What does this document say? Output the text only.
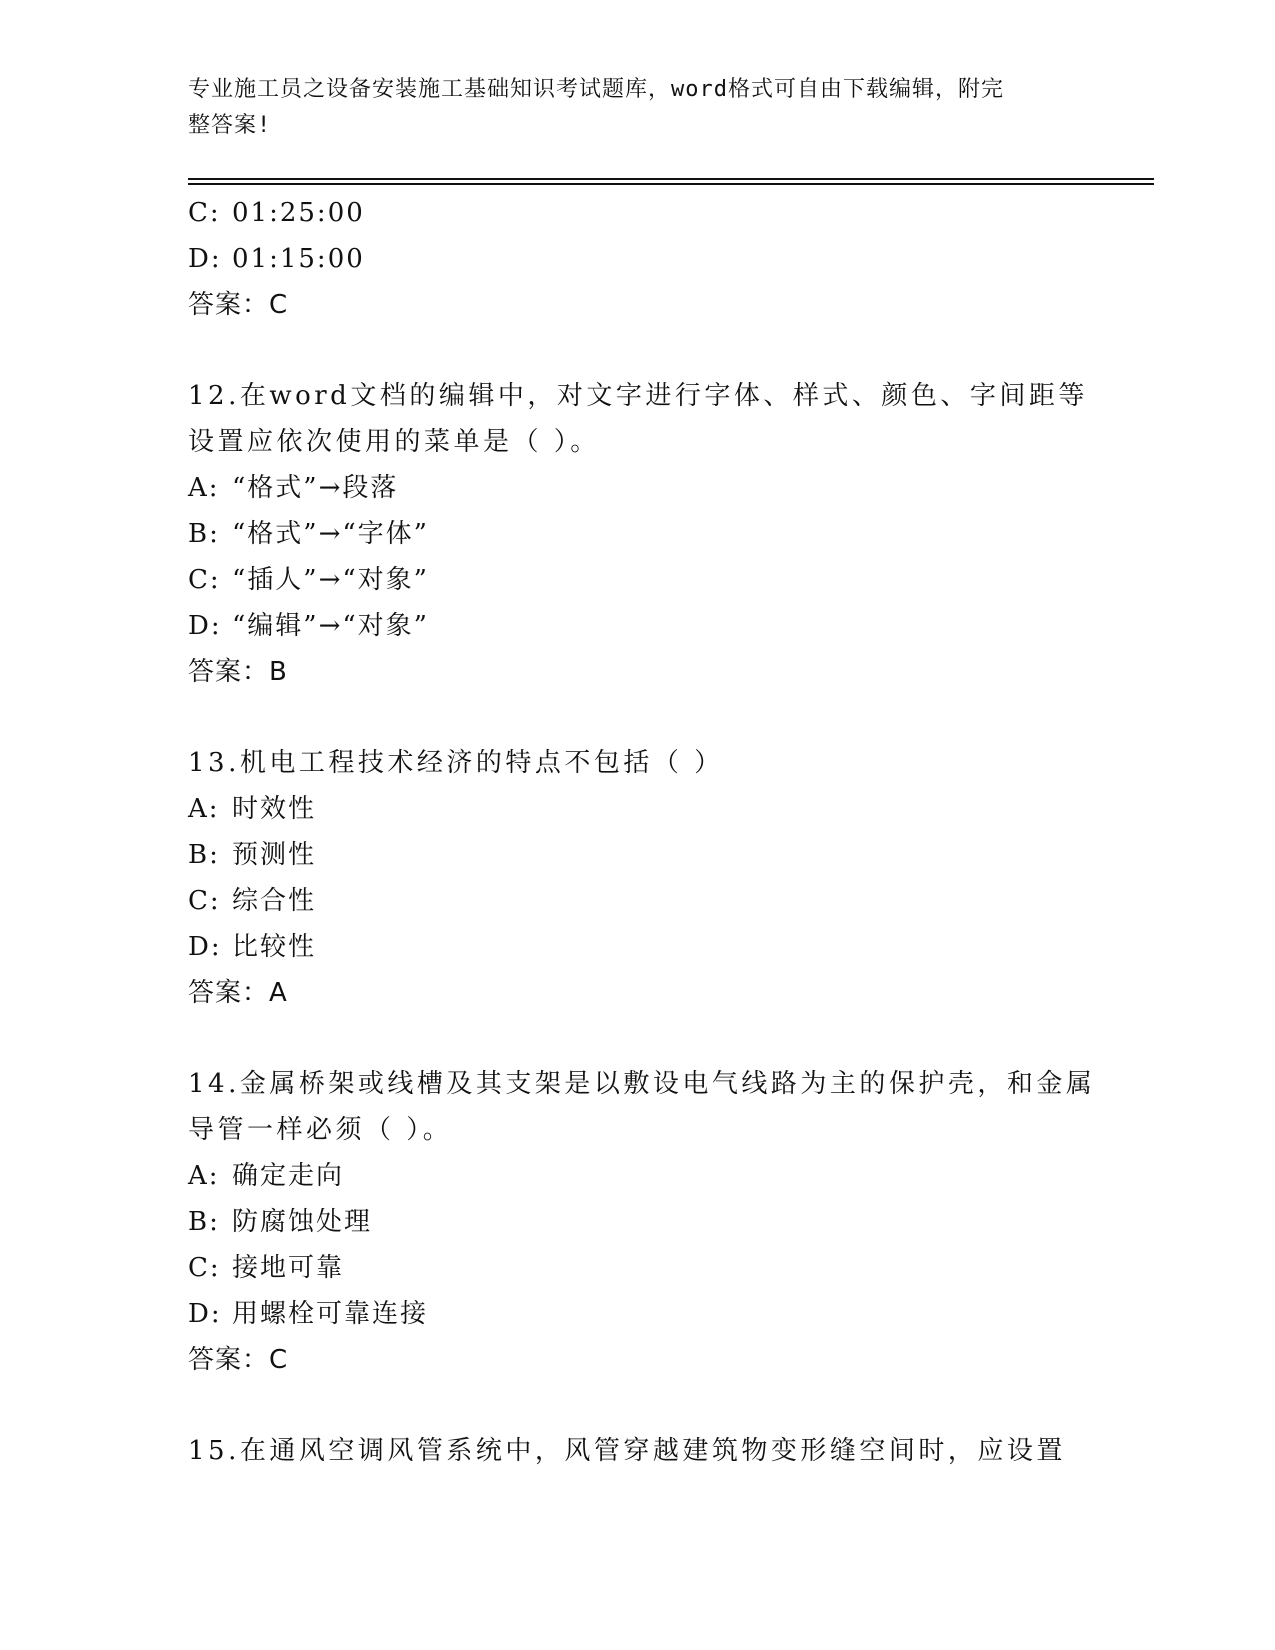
专业施工员之设备安装施工基础知识考试题库，word格式可自由下载编辑，附完
整答案!
C: 01:25:00
D: 01:15:00
答案：C
12.在word文档的编辑中，对文字进行字体、样式、颜色、字间距等
设置应依次使用的菜单是（ ）。
A: “格式”→段落
B: “格式”→“字体”
C: “插人”→“对象”
D: “编辑”→“对象”
答案：B
13.机电工程技术经济的特点不包括（ ）
A: 时效性
B: 预测性
C: 综合性
D: 比较性
答案：A
14.金属桥架或线槽及其支架是以敷设电气线路为主的保护壳，和金属
导管一样必须（ ）。
A: 确定走向
B: 防腐蚀处理
C: 接地可靠
D: 用螺栓可靠连接
答案：C
15.在通风空调风管系统中，风管穿越建筑物变形缝空间时，应设置
